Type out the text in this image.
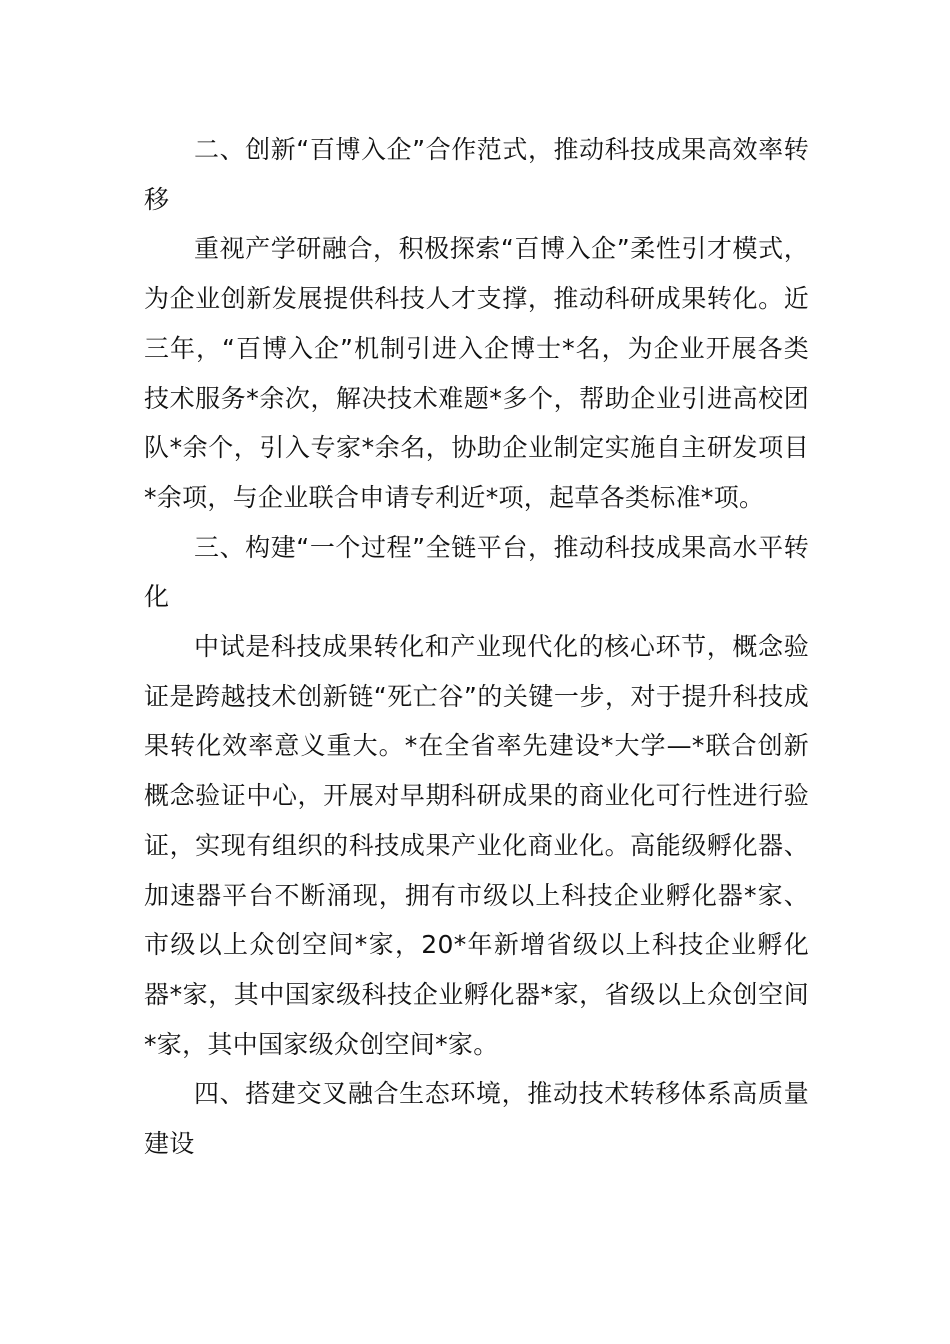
二、创新“百博入企”合作范式，推动科技成果高效率转移

重视产学研融合，积极探索“百博入企”柔性引才模式，为企业创新发展提供科技人才支撑，推动科研成果转化。近三年，“百博入企”机制引进入企博士*名，为企业开展各类技术服务*余次，解决技术难题*多个，帮助企业引进高校团队*余个，引入专家*余名，协助企业制定实施自主研发项目*余项，与企业联合申请专利近*项，起草各类标准*项。

三、构建“一个过程”全链平台，推动科技成果高水平转化

中试是科技成果转化和产业现代化的核心环节，概念验证是跨越技术创新链“死亡谷”的关键一步，对于提升科技成果转化效率意义重大。*在全省率先建设*大学—*联合创新概念验证中心，开展对早期科研成果的商业化可行性进行验证，实现有组织的科技成果产业化商业化。高能级孵化器、加速器平台不断涌现，拥有市级以上科技企业孵化器*家、市级以上众创空间*家，20*年新增省级以上科技企业孵化器*家，其中国家级科技企业孵化器*家，省级以上众创空间*家，其中国家级众创空间*家。

四、搭建交叉融合生态环境，推动技术转移体系高质量建设
